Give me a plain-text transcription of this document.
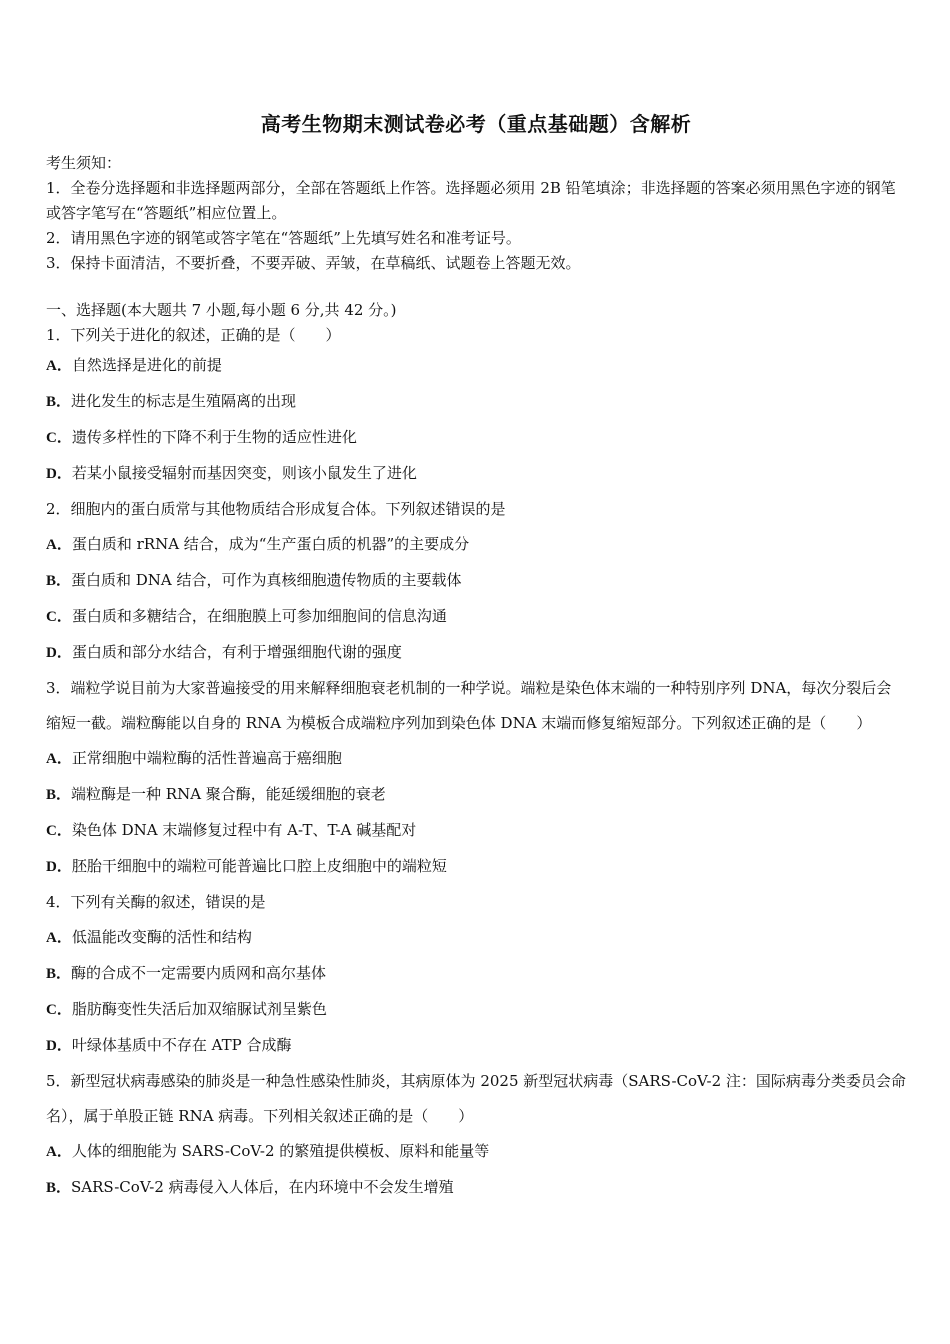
高考生物期末测试卷必考（重点基础题）含解析

考生须知：

1．全卷分选择题和非选择题两部分，全部在答题纸上作答。选择题必须用 2B 铅笔填涂；非选择题的答案必须用黑色字迹的钢笔或答字笔写在“答题纸”相应位置上。

2．请用黑色字迹的钢笔或答字笔在“答题纸”上先填写姓名和准考证号。

3．保持卡面清洁，不要折叠，不要弄破、弄皱，在草稿纸、试题卷上答题无效。

一、选择题(本大题共 7 小题,每小题 6 分,共 42 分。)

1．下列关于进化的叙述，正确的是（　　）

A．自然选择是进化的前提

B．进化发生的标志是生殖隔离的出现

C．遗传多样性的下降不利于生物的适应性进化

D．若某小鼠接受辐射而基因突变，则该小鼠发生了进化

2．细胞内的蛋白质常与其他物质结合形成复合体。下列叙述错误的是

A．蛋白质和 rRNA 结合，成为“生产蛋白质的机器”的主要成分

B．蛋白质和 DNA 结合，可作为真核细胞遗传物质的主要载体

C．蛋白质和多糖结合，在细胞膜上可参加细胞间的信息沟通

D．蛋白质和部分水结合，有利于增强细胞代谢的强度

3．端粒学说目前为大家普遍接受的用来解释细胞衰老机制的一种学说。端粒是染色体末端的一种特别序列 DNA，每次分裂后会缩短一截。端粒酶能以自身的 RNA 为模板合成端粒序列加到染色体 DNA 末端而修复缩短部分。下列叙述正确的是（　　）

A．正常细胞中端粒酶的活性普遍高于癌细胞

B．端粒酶是一种 RNA 聚合酶，能延缓细胞的衰老

C．染色体 DNA 末端修复过程中有 A-T、T-A 碱基配对

D．胚胎干细胞中的端粒可能普遍比口腔上皮细胞中的端粒短

4．下列有关酶的叙述，错误的是

A．低温能改变酶的活性和结构

B．酶的合成不一定需要内质网和高尔基体

C．脂肪酶变性失活后加双缩脲试剂呈紫色

D．叶绿体基质中不存在 ATP 合成酶

5．新型冠状病毒感染的肺炎是一种急性感染性肺炎，其病原体为 2025 新型冠状病毒（SARS-CoV-2 注：国际病毒分类委员会命名），属于单股正链 RNA 病毒。下列相关叙述正确的是（　　）

A．人体的细胞能为 SARS-CoV-2 的繁殖提供模板、原料和能量等

B．SARS-CoV-2 病毒侵入人体后，在内环境中不会发生增殖
